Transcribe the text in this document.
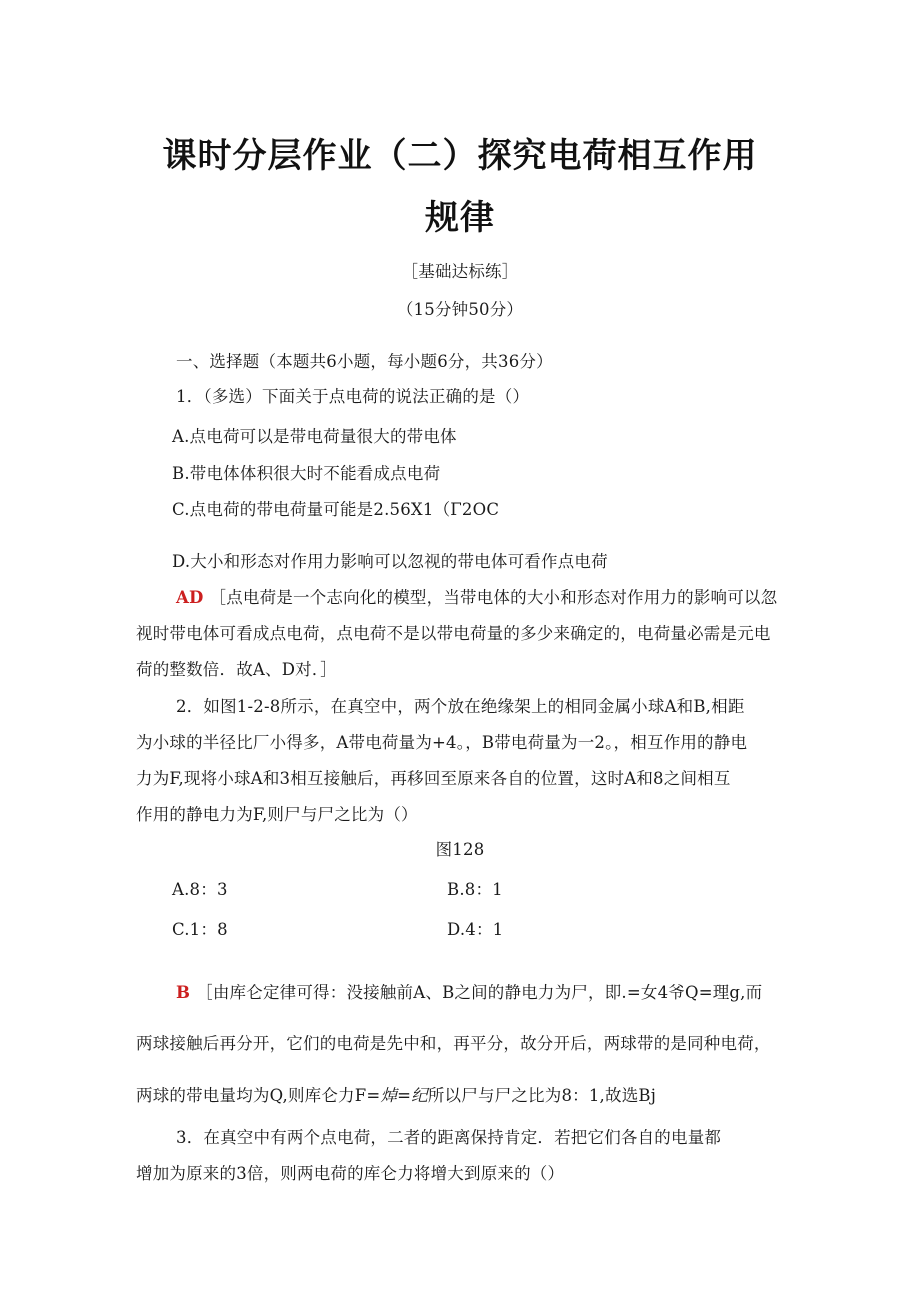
课时分层作业（二）探究电荷相互作用
规律
［基础达标练］
（15分钟50分）
一、选择题（本题共6小题，每小题6分，共36分）
1．（多选）下面关于点电荷的说法正确的是（）
A.点电荷可以是带电荷量很大的带电体
B.带电体体积很大时不能看成点电荷
C.点电荷的带电荷量可能是2.56X1（Γ2OC
D.大小和形态对作用力影响可以忽视的带电体可看作点电荷
AD ［点电荷是一个志向化的模型，当带电体的大小和形态对作用力的影响可以忽
视时带电体可看成点电荷，点电荷不是以带电荷量的多少来确定的，电荷量必需是元电
荷的整数倍．故A、D对．］
2．如图1-2-8所示，在真空中，两个放在绝缘架上的相同金属小球A和B,相距
为小球的半径比厂小得多，A带电荷量为+4。，B带电荷量为一2。，相互作用的静电
力为F,现将小球A和3相互接触后，再移回至原来各自的位置，这时A和8之间相互
作用的静电力为F,则尸与尸之比为（）
图128
A.8：3	B.8：1
C.1：8	D.4：1
B ［由库仑定律可得：没接触前A、B之间的静电力为尸，即.=女4爷Q=理g,而
两球接触后再分开，它们的电荷是先中和，再平分，故分开后，两球带的是同种电荷，
两球的带电量均为Q,则库仑力F=焯=纪所以尸与尸之比为8：1,故选Bj
3．在真空中有两个点电荷，二者的距离保持肯定．若把它们各自的电量都
增加为原来的3倍，则两电荷的库仑力将增大到原来的（）
